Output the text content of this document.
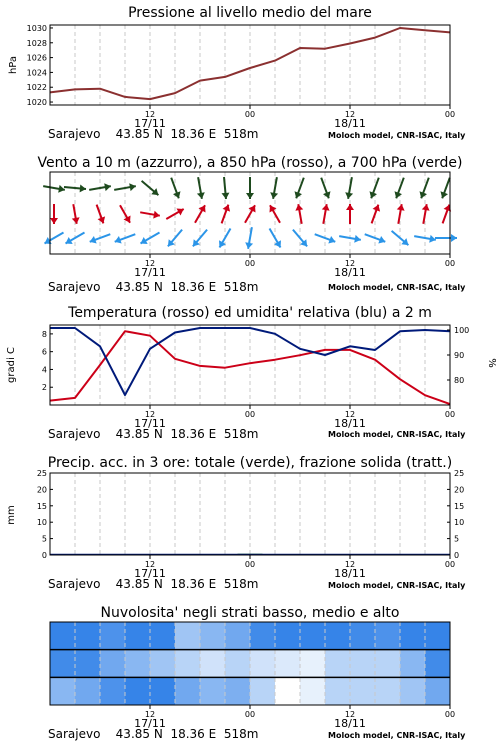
Pressione al livello medio del mare
1020
1022
1024
1026
1028
1030
hPa
12	00	12	00
17/11	18/11
Sarajevo    43.85 N  18.36 E  518m	Moloch model, CNR-ISAC, Italy
Vento a 10 m (azzurro), a 850 hPa (rosso), a 700 hPa (verde)
12	00	12	00
17/11	18/11
Sarajevo    43.85 N  18.36 E  518m	Moloch model, CNR-ISAC, Italy
Temperatura (rosso) ed umidita' relativa (blu) a 2 m
2
4
6
8
80
90
100
gradi C	%
12	00	12	00
17/11	18/11
Sarajevo    43.85 N  18.36 E  518m	Moloch model, CNR-ISAC, Italy
Precip. acc. in 3 ore: totale (verde), frazione solida (tratt.)
0
5
10
15
20
25
0
5
10
15
20
25
mm
12	00	12	00
17/11	18/11
Sarajevo    43.85 N  18.36 E  518m	Moloch model, CNR-ISAC, Italy
Nuvolosita' negli strati basso, medio e alto
12	00	12	00
17/11	18/11
Sarajevo    43.85 N  18.36 E  518m	Moloch model, CNR-ISAC, Italy
